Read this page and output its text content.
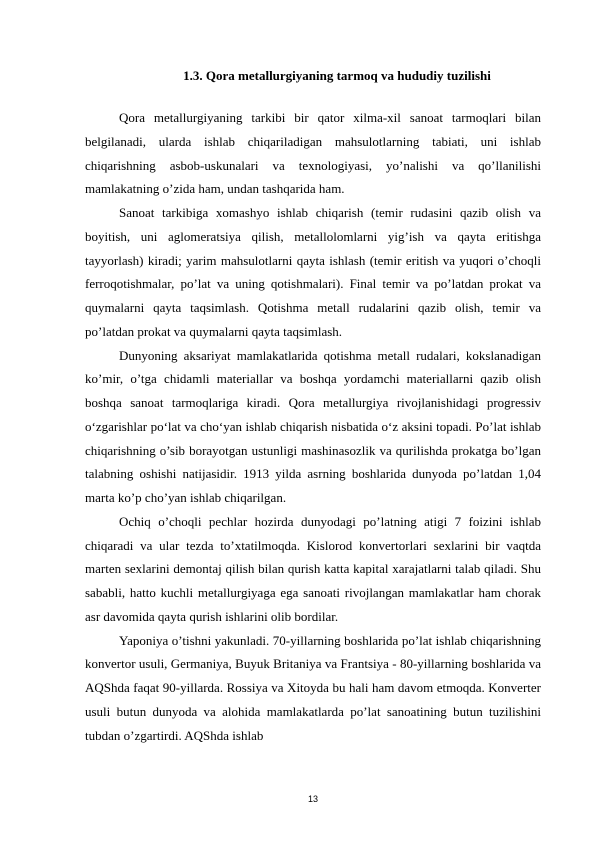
1.3. Qora metallurgiyaning tarmoq va hududiy tuzilishi

Qora metallurgiyaning tarkibi bir qator xilma-xil sanoat tarmoqlari bilan belgilanadi, ularda ishlab chiqariladigan mahsulotlarning tabiati, uni ishlab chiqarishning asbob-uskunalari va texnologiyasi, yo’nalishi va qo’llanilishi mamlakatning o’zida ham, undan tashqarida ham.

Sanoat tarkibiga xomashyo ishlab chiqarish (temir rudasini qazib olish va boyitish, uni aglomeratsiya qilish, metallolomlarni yig’ish va qayta eritishga tayyorlash) kiradi; yarim mahsulotlarni qayta ishlash (temir eritish va yuqori o’choqli ferroqotishmalar, po’lat va uning qotishmalari). Final temir va po’latdan prokat va quymalarni qayta taqsimlash. Qotishma metall rudalarini qazib olish, temir va po’latdan prokat va quymalarni qayta taqsimlash.

Dunyoning aksariyat mamlakatlarida qotishma metall rudalari, kokslanadigan ko’mir, o’tga chidamli materiallar va boshqa yordamchi materiallarni qazib olish boshqa sanoat tarmoqlariga kiradi. Qora metallurgiya rivojlanishidagi progressiv o‘zgarishlar po‘lat va cho‘yan ishlab chiqarish nisbatida o‘z aksini topadi. Po’lat ishlab chiqarishning o’sib borayotgan ustunligi mashinasozlik va qurilishda prokatga bo’lgan talabning oshishi natijasidir. 1913 yilda asrning boshlarida dunyoda po’latdan 1,04 marta ko’p cho’yan ishlab chiqarilgan.

Ochiq o’choqli pechlar hozirda dunyodagi po’latning atigi 7 foizini ishlab chiqaradi va ular tezda to’xtatilmoqda. Kislorod konvertorlari sexlarini bir vaqtda marten sexlarini demontaj qilish bilan qurish katta kapital xarajatlarni talab qiladi. Shu sababli, hatto kuchli metallurgiyaga ega sanoati rivojlangan mamlakatlar ham chorak asr davomida qayta qurish ishlarini olib bordilar.

Yaponiya o’tishni yakunladi. 70-yillarning boshlarida po’lat ishlab chiqarishning konvertor usuli, Germaniya, Buyuk Britaniya va Frantsiya - 80-yillarning boshlarida va AQShda faqat 90-yillarda. Rossiya va Xitoyda bu hali ham davom etmoqda. Konverter usuli butun dunyoda va alohida mamlakatlarda po’lat sanoatining butun tuzilishini tubdan o’zgartirdi. AQShda ishlab

13
